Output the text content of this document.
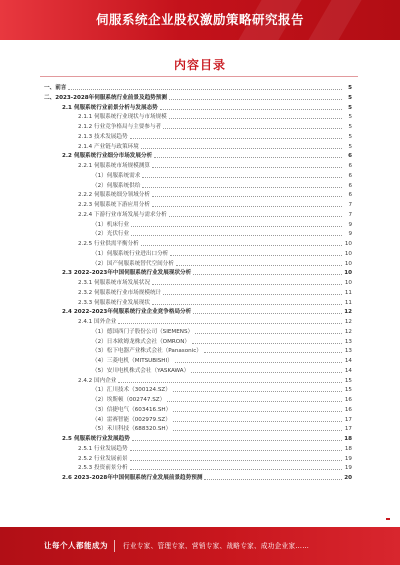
伺服系统企业股权激励策略研究报告
内容目录
一、前言	5
二、2023-2028年伺服系统行业前景及趋势预测	5
2.1 伺服系统行业前景分析与发展态势	5
2.1.1 伺服系统行业现状与市场规模	5
2.1.2 行业竞争格局与主要参与者	5
2.1.3 技术发展趋势	5
2.1.4 产业链与政策环境	5
2.2 伺服系统行业细分市场发展分析	6
2.2.1 伺服系统市场规模测算	6
（1）伺服系统需求	6
（2）伺服系统供给	6
2.2.2 伺服系统细分领域分析	6
2.2.3 伺服系统下游应用分析	7
2.2.4 下游行业市场发展与需求分析	7
（1）机床行业	9
（2）光伏行业	9
2.2.5 行业供需平衡分析	10
（1）伺服系统行业进出口分析	10
（2）国产伺服系统替代空间分析	10
2.3 2022-2023年中国伺服系统行业发展现状分析	10
2.3.1 伺服系统市场发展状况	10
2.3.2 伺服系统行业市场规模统计	11
2.3.3 伺服系统行业发展现状	11
2.4 2022-2023年伺服系统行业企业竞争格局分析	12
2.4.1 国外企业	12
（1）德国西门子股份公司（SIEMENS）	12
（2）日本欧姆龙株式会社（OMRON）	13
（3）松下电器产业株式会社（Panasonic）	13
（4）三菱电机（MITSUBISHI）	14
（5）安川电机株式会社（YASKAWA）	14
2.4.2 国内企业	15
（1）汇川技术（300124.SZ）	15
（2）埃斯顿（002747.SZ）	16
（3）信捷电气（603416.SH）	16
（4）雷赛智能（002979.SZ）	17
（5）禾川科技（688320.SH）	17
2.5 伺服系统行业发展趋势	18
2.5.1 行业发展趋势	18
2.5.2 行业发展前景	19
2.5.3 投资前景分析	19
2.6 2023-2028年中国伺服系统行业发展前景趋势预测	20
让每个人都能成为 行业专家、管理专家、营销专家、战略专家、成功企业家……
